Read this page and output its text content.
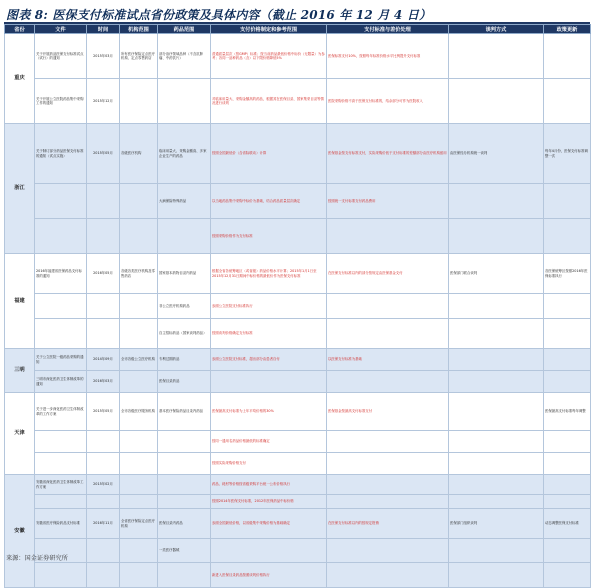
图表 8: 医保支付标准试点省份政策及具体内容（截止 2016 年 12 月 4 日）
省份	文件	时间	机构范围	药品范围	支付价格制定和参考范围	支付标准与差价处理	谈判方式	政策更新
重庆	关于开展药品医保支付标准试点（试行）的通知	2015年03月	所有医疗保险定点医疗机构、定点零售药店	部分治疗领域品种（不含抗肿瘤、中药饮片）	普通质量层次（按GMP）标准；按当前药品最低价格中标价（无限量）为参考；各同一品种药品（含）以下限价格降低5%	医保标准支付10%，按照每年标准价格水平比例提升支付标准		
	关于开展公立医院药品集中采购工作的通知	2015年12月			对临床用量大、采购金额高的药品，根据其在医保目录、国家集采目录等情况进行谈判	医院采购价格不高于医保支付标准的，结余部分可作为医院收入		
浙江	关于制订部分药品医保支付标准的通知（试点实施）	2015年05月	各级医疗机构	临床用量大、采购金额高、多家企业生产的药品	按照全国最低价（含省际联动）计算	医保基金按支付标准支付，实际采购价低于支付标准的差额部分由医疗机构留用	由医保经办机构统一谈判	每年4月份，医保支付标准调整一次
				大病保险特殊药品	以当地药品集中采购中标价为基础，结合药品质量层次确定	按照统一支付标准支付药品费用		
					按照采购价格作为支付标准			
福建	2016年福建省医保药品支付标准的通知	2016年05月	各级各类医疗机构及零售药店	国家基本药物目录内药品	根据全省各统筹地区（或省级）药品价格水平计算；2015年1月1日至2015年12月31日期间中标价格的最低价作为医保支付标准	在医保支付标准以内的部分按规定由医保基金支付	医保部门联合谈判	各医保统筹区按照2016年医保标准执行
				非公立医疗机构药品	参照公立医院支付标准执行			
				自主招标药品（国家谈判药品）	按照谈判价格确定支付标准			
三明	关于公立医院一级药品采购的通知	2014年09月	全市各级公立医疗机构	专利过期药品	参照公立医院支付标准，超出部分由患者自付	以医保支付标准为基础		
	三明市深化医药卫生体制改革的通知	2016年03月		医保目录药品				
天津	关于进一步深化医药卫生体制改革的工作方案	2015年05月	全市各级医疗服务机构	基本医疗保险药品目录内药品	医保最高支付标准为上年平均价格的30%	医保基金按最高支付标准支付		医保最高支付标准每年调整
					按同一通用名药品价格最低的标准确定			
					按照实际采购价格支付			
安徽	安徽省深化医药卫生体制改革工作方案	2015年02月			药品、耗材等价格按省级采购平台统一公布价格执行			
					按照2014年医保支付标准，2012年医保药品中标价格			
	安徽省医疗保险药品支付标准	2016年11月	全省医疗保险定点医疗机构	医保目录内药品	参照全国最低价格，以省级集中采购价格为基础确定	在医保支付标准以内的按规定报销	医保部门组织谈判	动态调整医保支付标准
				一类医疗器械				
					新进入医保目录药品按照谈判价格执行			
来源：国金证券研究所
